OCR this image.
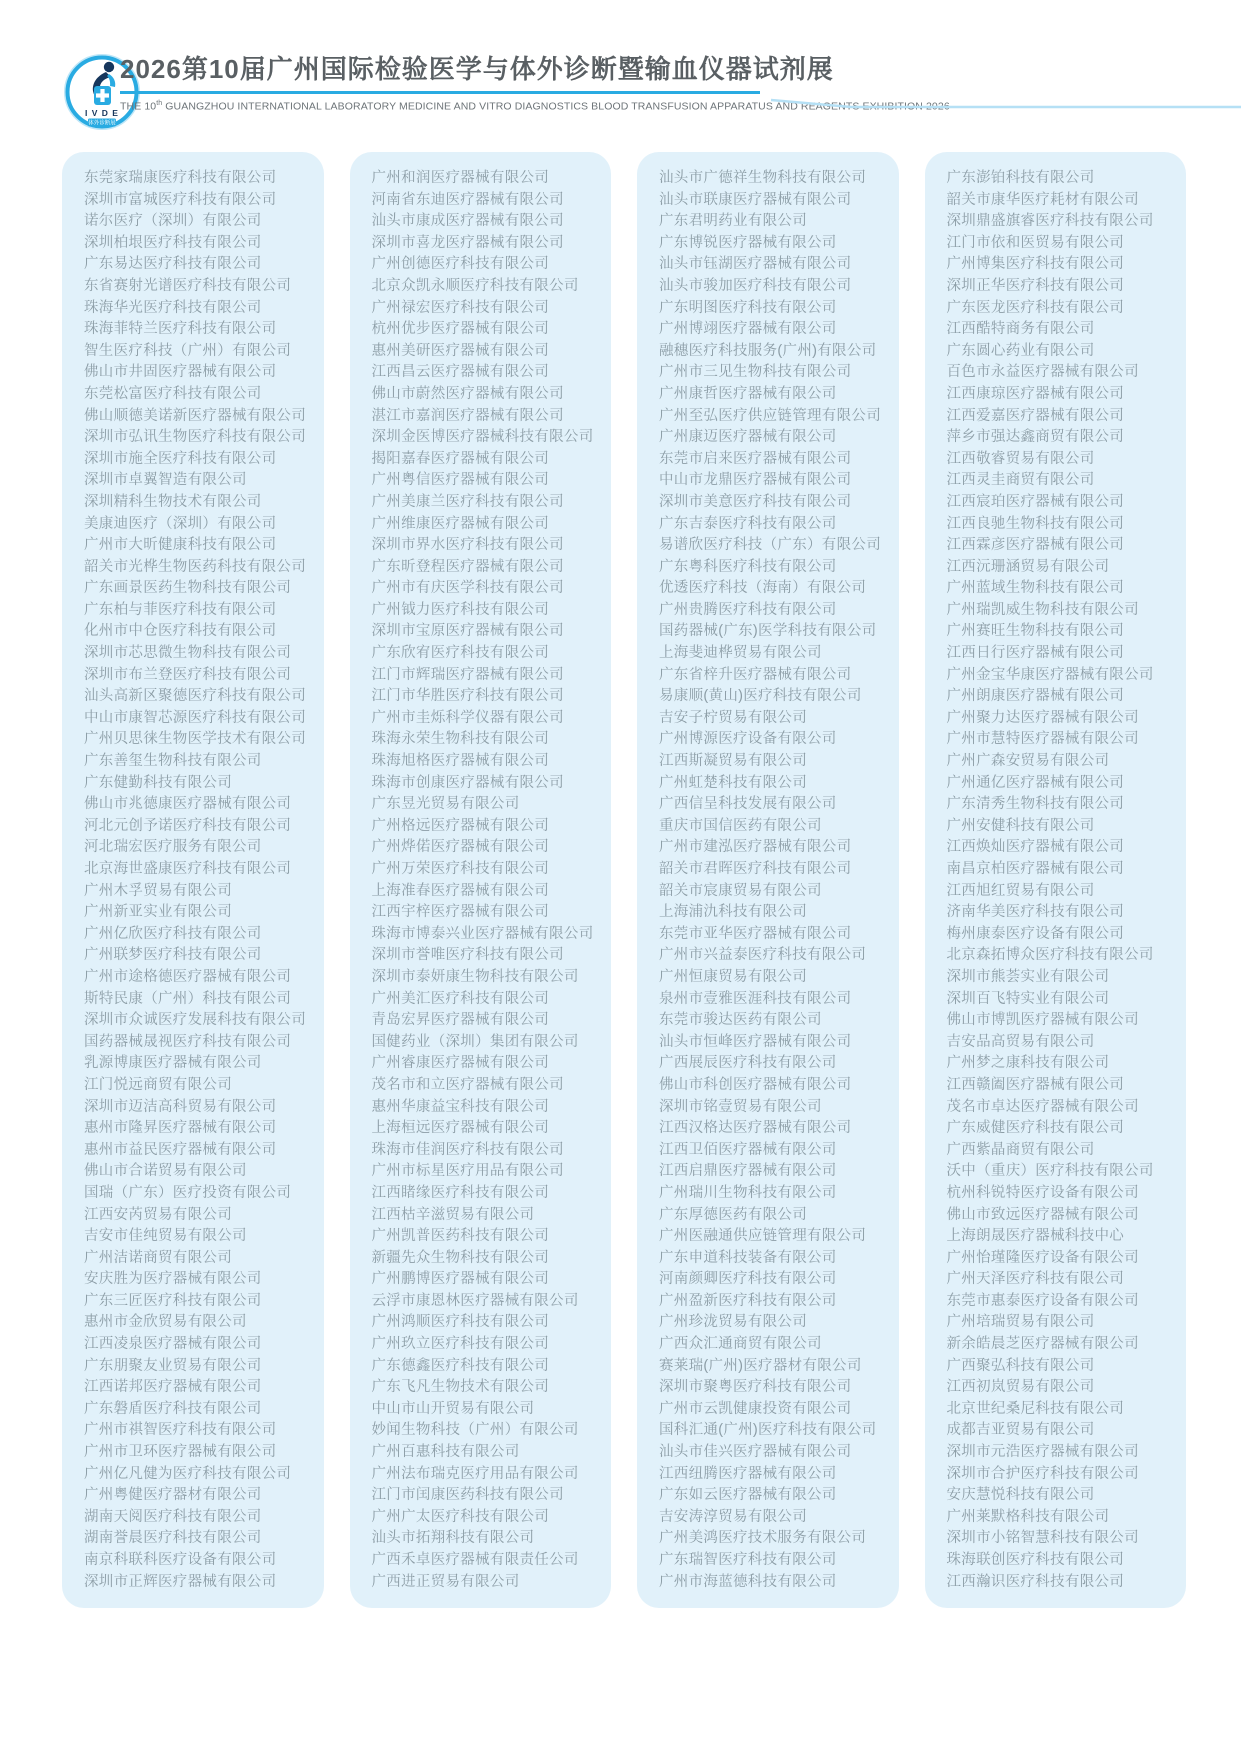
I V D E
体外诊断展
2026第10届广州国际检验医学与体外诊断暨输血仪器试剂展
THE 10th GUANGZHOU INTERNATIONAL LABORATORY MEDICINE AND VITRO DIAGNOSTICS BLOOD TRANSFUSION APPARATUS AND REAGENTS EXHIBITION 2026
东莞家瑞康医疗科技有限公司
深圳市富城医疗科技有限公司
诺尔医疗（深圳）有限公司
深圳柏垠医疗科技有限公司
广东易达医疗科技有限公司
东省赛射光谱医疗科技有限公司
珠海华光医疗科技有限公司
珠海菲特兰医疗科技有限公司
智生医疗科技（广州）有限公司
佛山市井固医疗器械有限公司
东莞松富医疗科技有限公司
佛山顺德美诺新医疗器械有限公司
深圳市弘讯生物医疗科技有限公司
深圳市施全医疗科技有限公司
深圳市卓翼智造有限公司
深圳精科生物技术有限公司
美康迪医疗（深圳）有限公司
广州市大昕健康科技有限公司
韶关市光桦生物医药科技有限公司
广东画景医药生物科技有限公司
广东柏与菲医疗科技有限公司
化州市中仓医疗科技有限公司
深圳市芯思微生物科技有限公司
深圳市布兰登医疗科技有限公司
汕头高新区聚德医疗科技有限公司
中山市康智芯源医疗科技有限公司
广州贝思徕生物医学技术有限公司
广东善玺生物科技有限公司
广东健勤科技有限公司
佛山市兆德康医疗器械有限公司
河北元创予诺医疗科技有限公司
河北瑞宏医疗服务有限公司
北京海世盛康医疗科技有限公司
广州木孚贸易有限公司
广州新亚实业有限公司
广州亿欣医疗科技有限公司
广州联梦医疗科技有限公司
广州市途格德医疗器械有限公司
斯特民康（广州）科技有限公司
深圳市众诚医疗发展科技有限公司
国药器械晟视医疗科技有限公司
乳源博康医疗器械有限公司
江门悦远商贸有限公司
深圳市迈洁高科贸易有限公司
惠州市隆昇医疗器械有限公司
惠州市益民医疗器械有限公司
佛山市合诺贸易有限公司
国瑞（广东）医疗投资有限公司
江西安芮贸易有限公司
吉安市佳纯贸易有限公司
广州洁诺商贸有限公司
安庆胜为医疗器械有限公司
广东三匠医疗科技有限公司
惠州市金欣贸易有限公司
江西凌泉医疗器械有限公司
广东朋聚友业贸易有限公司
江西诺邦医疗器械有限公司
广东磐盾医疗科技有限公司
广州市祺智医疗科技有限公司
广州市卫环医疗器械有限公司
广州亿凡健为医疗科技有限公司
广州粤健医疗器材有限公司
湖南天阅医疗科技有限公司
湖南誉晨医疗科技有限公司
南京科联科医疗设备有限公司
深圳市正辉医疗器械有限公司
广州和润医疗器械有限公司
河南省东迪医疗器械有限公司
汕头市康成医疗器械有限公司
深圳市喜龙医疗器械有限公司
广州创德医疗科技有限公司
北京众凯永顺医疗科技有限公司
广州禄宏医疗科技有限公司
杭州优步医疗器械有限公司
惠州美研医疗器械有限公司
江西昌云医疗器械有限公司
佛山市蔚然医疗器械有限公司
湛江市嘉润医疗器械有限公司
深圳金医博医疗器械科技有限公司
揭阳嘉春医疗器械有限公司
广州粤信医疗器械有限公司
广州美康兰医疗科技有限公司
广州维康医疗器械有限公司
深圳市界水医疗科技有限公司
广东昕登程医疗器械有限公司
广州市有庆医学科技有限公司
广州钺力医疗科技有限公司
深圳市宝原医疗器械有限公司
广东欣宥医疗科技有限公司
江门市辉瑞医疗器械有限公司
江门市华胜医疗科技有限公司
广州市圭烁科学仪器有限公司
珠海永荣生物科技有限公司
珠海旭格医疗器械有限公司
珠海市创康医疗器械有限公司
广东昱光贸易有限公司
广州格远医疗器械有限公司
广州烨偌医疗器械有限公司
广州万荣医疗科技有限公司
上海准春医疗器械有限公司
江西宇梓医疗器械有限公司
珠海市博泰兴业医疗器械有限公司
深圳市誉唯医疗科技有限公司
深圳市泰妍康生物科技有限公司
广州美汇医疗科技有限公司
青岛宏昇医疗器械有限公司
国健药业（深圳）集团有限公司
广州睿康医疗器械有限公司
茂名市和立医疗器械有限公司
惠州华康益宝科技有限公司
上海桓远医疗器械有限公司
珠海市佳润医疗科技有限公司
广州市标星医疗用品有限公司
江西睹缘医疗科技有限公司
江西枯辛滋贸易有限公司
广州凯普医药科技有限公司
新疆先众生物科技有限公司
广州鹏博医疗器械有限公司
云浮市康恩林医疗器械有限公司
广州鸿顺医疗科技有限公司
广州玖立医疗科技有限公司
广东德鑫医疗科技有限公司
广东飞凡生物技术有限公司
中山市山开贸易有限公司
妙闻生物科技（广州）有限公司
广州百惠科技有限公司
广州法布瑞克医疗用品有限公司
江门市闰康医药科技有限公司
广州广太医疗科技有限公司
汕头市拓翔科技有限公司
广西禾卓医疗器械有限责任公司
广西进正贸易有限公司
汕头市广德祥生物科技有限公司
汕头市联康医疗器械有限公司
广东君明药业有限公司
广东博锐医疗器械有限公司
汕头市钰湖医疗器械有限公司
汕头市骏加医疗科技有限公司
广东明图医疗科技有限公司
广州博翊医疗器械有限公司
融穗医疗科技服务(广州)有限公司
广州市三见生物科技有限公司
广州康哲医疗器械有限公司
广州至弘医疗供应链管理有限公司
广州康迈医疗器械有限公司
东莞市启来医疗器械有限公司
中山市龙鼎医疗器械有限公司
深圳市美意医疗科技有限公司
广东吉泰医疗科技有限公司
易谱欣医疗科技（广东）有限公司
广东粤科医疗科技有限公司
优透医疗科技（海南）有限公司
广州贵腾医疗科技有限公司
国药器械(广东)医学科技有限公司
上海斐迪桦贸易有限公司
广东省梓升医疗器械有限公司
易康顺(黄山)医疗科技有限公司
吉安子柠贸易有限公司
广州博源医疗设备有限公司
江西斯凝贸易有限公司
广州虹楚科技有限公司
广西信呈科技发展有限公司
重庆市国信医药有限公司
广州市建泓医疗器械有限公司
韶关市君晖医疗科技有限公司
韶关市宸康贸易有限公司
上海浦氿科技有限公司
东莞市亚华医疗器械有限公司
广州市兴益泰医疗科技有限公司
广州恒康贸易有限公司
泉州市壹雅医涯科技有限公司
东莞市骏达医药有限公司
汕头市恒峰医疗器械有限公司
广西展辰医疗科技有限公司
佛山市科创医疗器械有限公司
深圳市铭壹贸易有限公司
江西汉格达医疗器械有限公司
江西卫佰医疗器械有限公司
江西启鼎医疗器械有限公司
广州瑞川生物科技有限公司
广东厚德医药有限公司
广州医融通供应链管理有限公司
广东申道科技装备有限公司
河南颜卿医疗科技有限公司
广州盈新医疗科技有限公司
广州珍泷贸易有限公司
广西众汇通商贸有限公司
赛莱瑞(广州)医疗器材有限公司
深圳市聚粤医疗科技有限公司
广州市云凯健康投资有限公司
国科汇通(广州)医疗科技有限公司
汕头市佳兴医疗器械有限公司
江西纽腾医疗器械有限公司
广东如云医疗器械有限公司
吉安涛淳贸易有限公司
广州美鸿医疗技术服务有限公司
广东瑞智医疗科技有限公司
广州市海蓝德科技有限公司
广东澎铂科技有限公司
韶关市康华医疗耗材有限公司
深圳鼎盛旗睿医疗科技有限公司
江门市依和医贸易有限公司
广州博集医疗科技有限公司
深圳正华医疗科技有限公司
广东医龙医疗科技有限公司
江西酷特商务有限公司
广东圆心药业有限公司
百色市永益医疗器械有限公司
江西康琼医疗器械有限公司
江西爱嘉医疗器械有限公司
萍乡市强达鑫商贸有限公司
江西敬睿贸易有限公司
江西灵圭商贸有限公司
江西宸珀医疗器械有限公司
江西良驰生物科技有限公司
江西霖彦医疗器械有限公司
江西沅珊涵贸易有限公司
广州蓝域生物科技有限公司
广州瑞凯威生物科技有限公司
广州赛旺生物科技有限公司
江西日行医疗器械有限公司
广州金宝华康医疗器械有限公司
广州朗康医疗器械有限公司
广州聚力达医疗器械有限公司
广州市慧特医疗器械有限公司
广州广森安贸易有限公司
广州通亿医疗器械有限公司
广东清秀生物科技有限公司
广州安健科技有限公司
江西焕灿医疗器械有限公司
南昌京柏医疗器械有限公司
江西旭红贸易有限公司
济南华美医疗科技有限公司
梅州康泰医疗设备有限公司
北京森拓博众医疗科技有限公司
深圳市熊荟实业有限公司
深圳百飞特实业有限公司
佛山市博凯医疗器械有限公司
吉安品高贸易有限公司
广州梦之康科技有限公司
江西赣阖医疗器械有限公司
茂名市卓达医疗器械有限公司
广东威健医疗科技有限公司
广西紫晶商贸有限公司
沃中（重庆）医疗科技有限公司
杭州科锐特医疗设备有限公司
佛山市致远医疗器械有限公司
上海朗晟医疗器械科技中心
广州怡瑾隆医疗设备有限公司
广州天泽医疗科技有限公司
东莞市惠泰医疗设备有限公司
广州培瑞贸易有限公司
新余皓晨芝医疗器械有限公司
广西聚弘科技有限公司
江西初岚贸易有限公司
北京世纪桑尼科技有限公司
成都吉亚贸易有限公司
深圳市元浩医疗器械有限公司
深圳市合护医疗科技有限公司
安庆慧悦科技有限公司
广州莱默格科技有限公司
深圳市小铭智慧科技有限公司
珠海联创医疗科技有限公司
江西瀚识医疗科技有限公司
